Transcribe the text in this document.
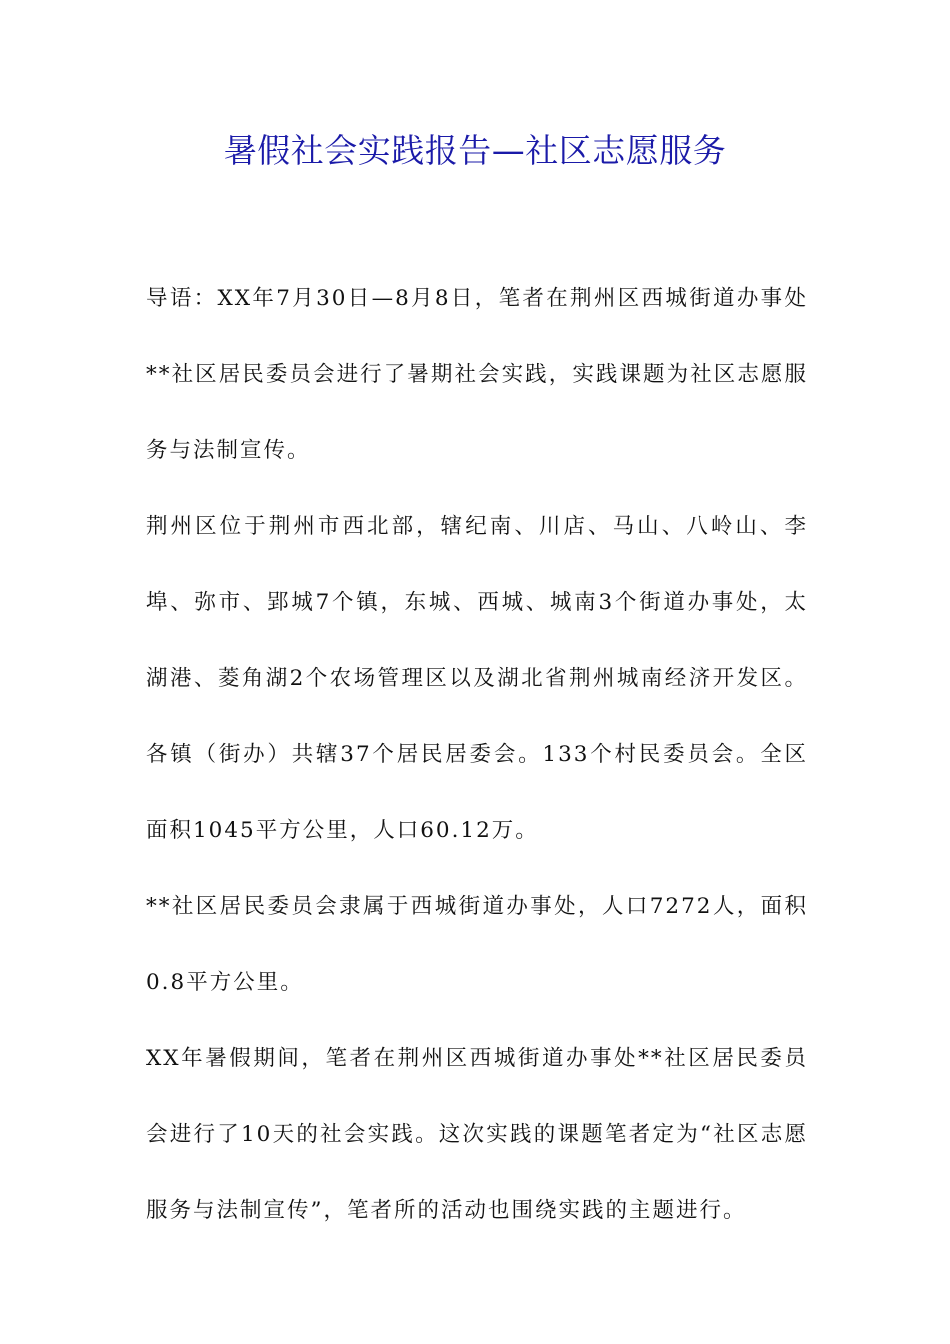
暑假社会实践报告—社区志愿服务

导语：XX年7月30日—8月8日，笔者在荆州区西城街道办事处**社区居民委员会进行了暑期社会实践，实践课题为社区志愿服务与法制宣传。

荆州区位于荆州市西北部，辖纪南、川店、马山、八岭山、李埠、弥市、郢城7个镇，东城、西城、城南3个街道办事处，太湖港、菱角湖2个农场管理区以及湖北省荆州城南经济开发区。各镇（街办）共辖37个居民居委会。133个村民委员会。全区面积1045平方公里，人口60.12万。

**社区居民委员会隶属于西城街道办事处，人口7272人，面积0.8平方公里。

XX年暑假期间，笔者在荆州区西城街道办事处**社区居民委员会进行了10天的社会实践。这次实践的课题笔者定为“社区志愿服务与法制宣传”，笔者所的活动也围绕实践的主题进行。
